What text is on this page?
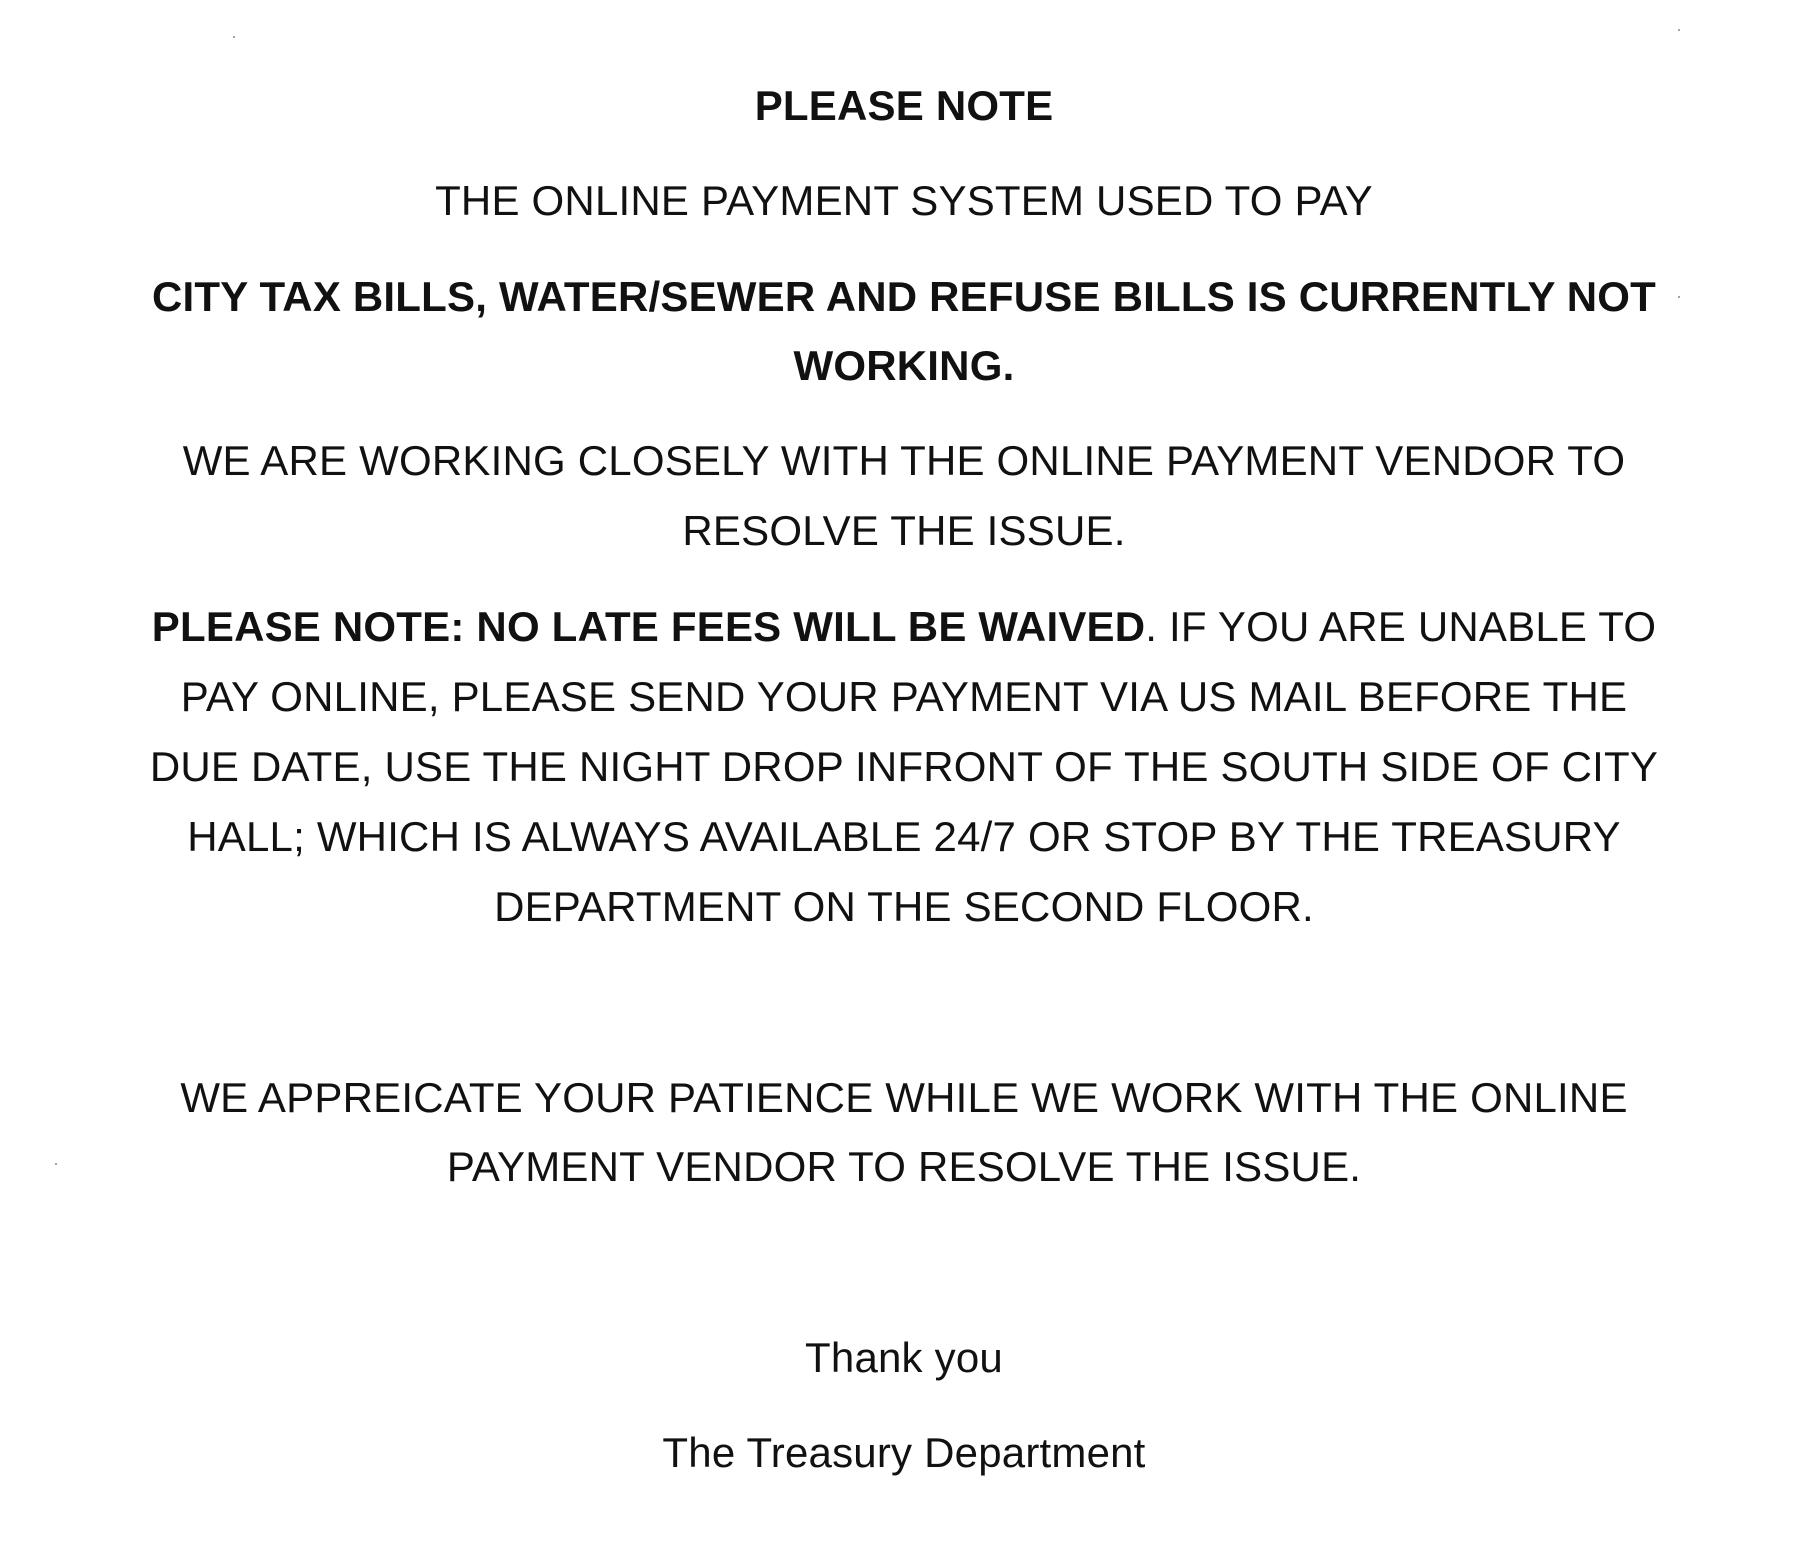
PLEASE NOTE
THE ONLINE PAYMENT SYSTEM USED TO PAY
CITY TAX BILLS, WATER/SEWER AND REFUSE BILLS IS CURRENTLY NOT
WORKING.
WE ARE WORKING CLOSELY WITH THE ONLINE PAYMENT VENDOR TO
RESOLVE THE ISSUE.
PLEASE NOTE: NO LATE FEES WILL BE WAIVED. IF YOU ARE UNABLE TO
PAY ONLINE, PLEASE SEND YOUR PAYMENT VIA US MAIL BEFORE THE
DUE DATE, USE THE NIGHT DROP INFRONT OF THE SOUTH SIDE OF CITY
HALL; WHICH IS ALWAYS AVAILABLE 24/7 OR STOP BY THE TREASURY
DEPARTMENT ON THE SECOND FLOOR.
WE APPREICATE YOUR PATIENCE WHILE WE WORK WITH THE ONLINE
PAYMENT VENDOR TO RESOLVE THE ISSUE.
Thank you
The Treasury Department
